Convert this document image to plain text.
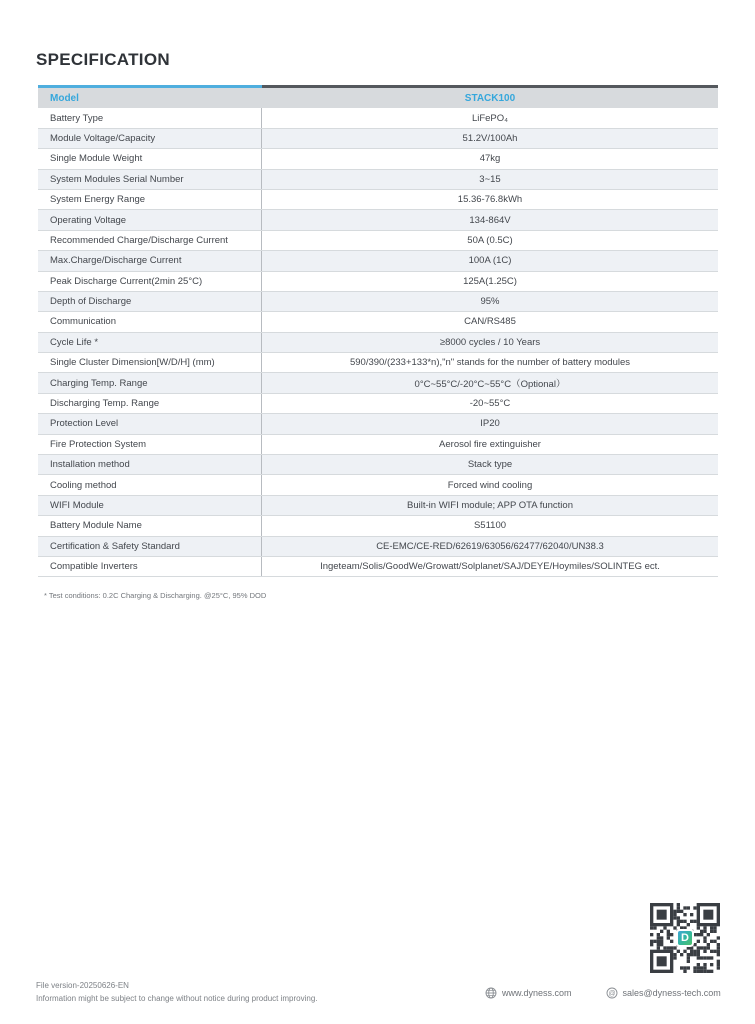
SPECIFICATION
Model	STACK100
Battery Type	LiFePO₄
Module Voltage/Capacity	51.2V/100Ah
Single Module Weight	47kg
System Modules Serial Number	3~15
System Energy Range	15.36-76.8kWh
Operating Voltage	134-864V
Recommended Charge/Discharge Current	50A (0.5C)
Max.Charge/Discharge Current	100A (1C)
Peak Discharge Current(2min 25°C)	125A(1.25C)
Depth of Discharge	95%
Communication	CAN/RS485
Cycle Life *	≥8000 cycles / 10 Years
Single Cluster Dimension[W/D/H] (mm)	590/390/(233+133*n),"n" stands for the number of battery modules
Charging Temp. Range	0°C~55°C/-20°C~55°C（Optional）
Discharging Temp. Range	-20~55°C
Protection Level	IP20
Fire Protection System	Aerosol fire extinguisher
Installation method	Stack type
Cooling method	Forced wind cooling
WIFI Module	Built-in WIFI module; APP OTA function
Battery Module Name	S51100
Certification & Safety Standard	CE-EMC/CE-RED/62619/63056/62477/62040/UN38.3
Compatible Inverters	Ingeteam/Solis/GoodWe/Growatt/Solplanet/SAJ/DEYE/Hoymiles/SOLINTEG ect.
* Test conditions: 0.2C Charging & Discharging. @25°C, 95% DOD
D
File version-20250626-EN
Information might be subject to change without notice during product improving.
www.dyness.com	@ sales@dyness-tech.com
